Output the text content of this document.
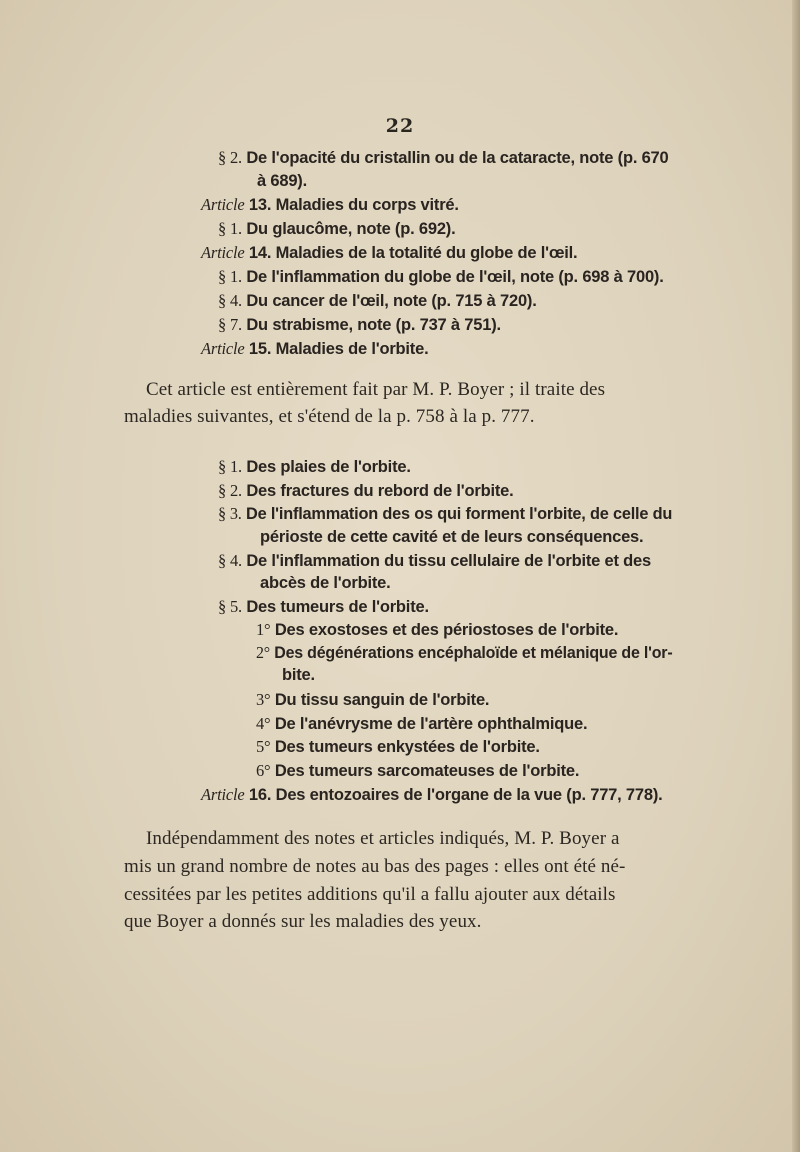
22
§ 2. De l'opacité du cristallin ou de la cataracte, note (p. 670
à 689).
Article 13. Maladies du corps vitré.
§ 1. Du glaucôme, note (p. 692).
Article 14. Maladies de la totalité du globe de l'œil.
§ 1. De l'inflammation du globe de l'œil, note (p. 698 à 700).
§ 4. Du cancer de l'œil, note (p. 715 à 720).
§ 7. Du strabisme, note (p. 737 à 751).
Article 15. Maladies de l'orbite.
Cet article est entièrement fait par M. P. Boyer ; il traite des
maladies suivantes, et s'étend de la p. 758 à la p. 777.
§ 1. Des plaies de l'orbite.
§ 2. Des fractures du rebord de l'orbite.
§ 3. De l'inflammation des os qui forment l'orbite, de celle du
périoste de cette cavité et de leurs conséquences.
§ 4. De l'inflammation du tissu cellulaire de l'orbite et des
abcès de l'orbite.
§ 5. Des tumeurs de l'orbite.
1° Des exostoses et des périostoses de l'orbite.
2° Des dégénérations encéphaloïde et mélanique de l'or-
bite.
3° Du tissu sanguin de l'orbite.
4° De l'anévrysme de l'artère ophthalmique.
5° Des tumeurs enkystées de l'orbite.
6° Des tumeurs sarcomateuses de l'orbite.
Article 16. Des entozoaires de l'organe de la vue (p. 777, 778).
Indépendamment des notes et articles indiqués, M. P. Boyer a
mis un grand nombre de notes au bas des pages : elles ont été né-
cessitées par les petites additions qu'il a fallu ajouter aux détails
que Boyer a donnés sur les maladies des yeux.
